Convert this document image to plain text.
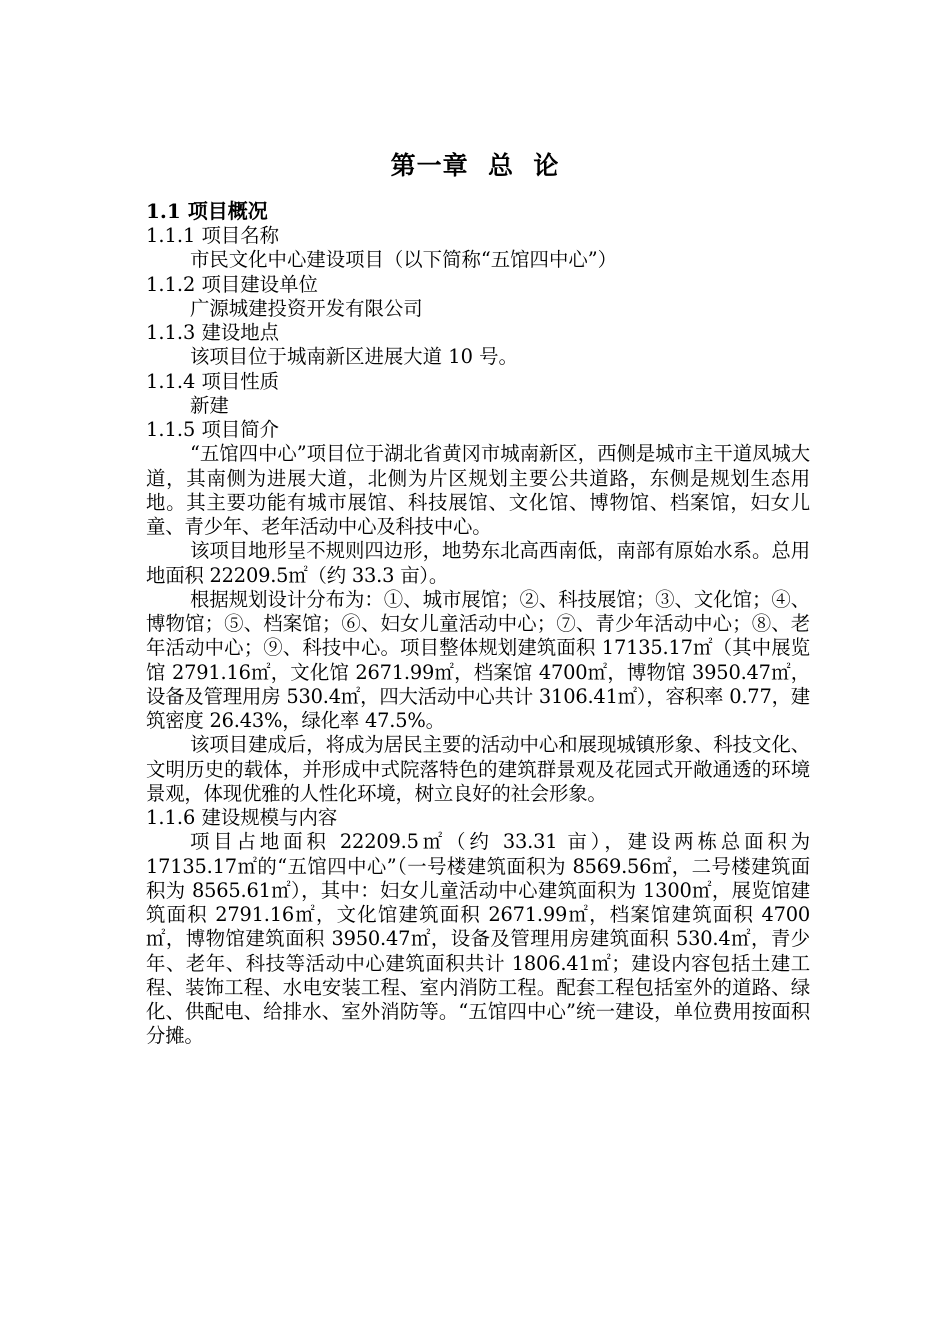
第一章  总  论
1.1 项目概况

1.1.1 项目名称

市民文化中心建设项目（以下简称“五馆四中心”）

1.1.2 项目建设单位

广源城建投资开发有限公司

1.1.3 建设地点

该项目位于城南新区进展大道 10 号。

1.1.4 项目性质

新建

1.1.5 项目简介

“五馆四中心”项目位于湖北省黄冈市城南新区，西侧是城市主干道凤城大道，其南侧为进展大道，北侧为片区规划主要公共道路，东侧是规划生态用地。其主要功能有城市展馆、科技展馆、文化馆、博物馆、档案馆，妇女儿童、青少年、老年活动中心及科技中心。

该项目地形呈不规则四边形，地势东北高西南低，南部有原始水系。总用地面积 22209.5㎡（约 33.3 亩）。

根据规划设计分布为：①、城市展馆；②、科技展馆；③、文化馆；④、博物馆；⑤、档案馆；⑥、妇女儿童活动中心；⑦、青少年活动中心；⑧、老年活动中心；⑨、科技中心。项目整体规划建筑面积 17135.17㎡（其中展览馆 2791.16㎡，文化馆 2671.99㎡，档案馆 4700㎡，博物馆 3950.47㎡，设备及管理用房 530.4㎡，四大活动中心共计 3106.41㎡），容积率 0.77，建筑密度 26.43%，绿化率 47.5%。

该项目建成后，将成为居民主要的活动中心和展现城镇形象、科技文化、文明历史的载体，并形成中式院落特色的建筑群景观及花园式开敞通透的环境景观，体现优雅的人性化环境，树立良好的社会形象。

1.1.6 建设规模与内容

项目占地面积 22209.5㎡（约 33.31 亩），建设两栋总面积为 17135.17㎡的“五馆四中心”（一号楼建筑面积为 8569.56㎡，二号楼建筑面积为 8565.61㎡），其中：妇女儿童活动中心建筑面积为 1300㎡，展览馆建筑面积 2791.16㎡，文化馆建筑面积 2671.99㎡，档案馆建筑面积 4700㎡，博物馆建筑面积 3950.47㎡，设备及管理用房建筑面积 530.4㎡，青少年、老年、科技等活动中心建筑面积共计 1806.41㎡；建设内容包括土建工程、装饰工程、水电安装工程、室内消防工程。配套工程包括室外的道路、绿化、供配电、给排水、室外消防等。“五馆四中心”统一建设，单位费用按面积分摊。
